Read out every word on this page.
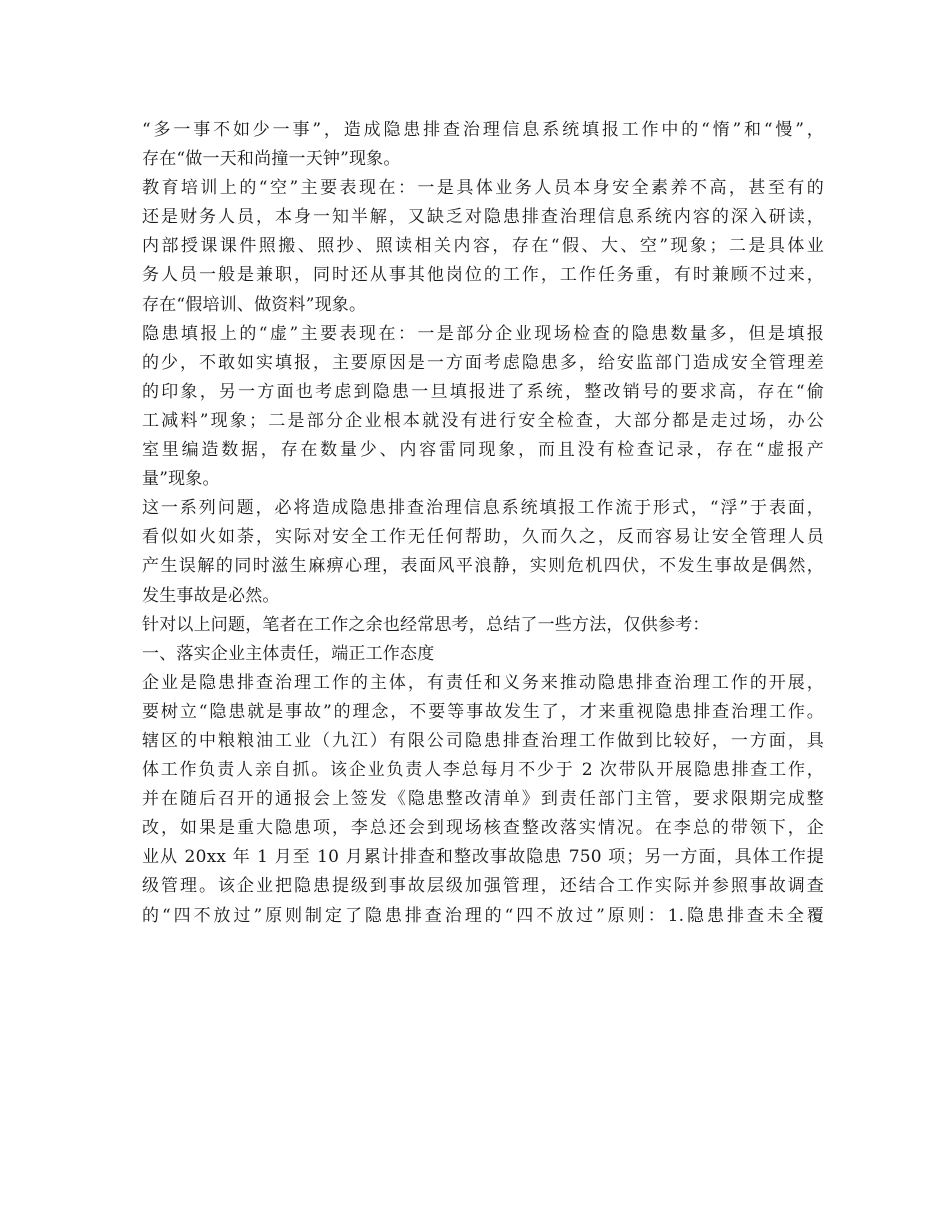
“多一事不如少一事”，造成隐患排查治理信息系统填报工作中的“惰”和“慢”，
存在“做一天和尚撞一天钟”现象。
教育培训上的“空”主要表现在：一是具体业务人员本身安全素养不高，甚至有的
还是财务人员，本身一知半解，又缺乏对隐患排查治理信息系统内容的深入研读，
内部授课课件照搬、照抄、照读相关内容，存在“假、大、空”现象；二是具体业
务人员一般是兼职，同时还从事其他岗位的工作，工作任务重，有时兼顾不过来，
存在“假培训、做资料”现象。
隐患填报上的“虚”主要表现在：一是部分企业现场检查的隐患数量多，但是填报
的少，不敢如实填报，主要原因是一方面考虑隐患多，给安监部门造成安全管理差
的印象，另一方面也考虑到隐患一旦填报进了系统，整改销号的要求高，存在“偷
工减料”现象；二是部分企业根本就没有进行安全检查，大部分都是走过场，办公
室里编造数据，存在数量少、内容雷同现象，而且没有检查记录，存在“虚报产
量”现象。
这一系列问题，必将造成隐患排查治理信息系统填报工作流于形式，“浮”于表面，
看似如火如荼，实际对安全工作无任何帮助，久而久之，反而容易让安全管理人员
产生误解的同时滋生麻痹心理，表面风平浪静，实则危机四伏，不发生事故是偶然，
发生事故是必然。
针对以上问题，笔者在工作之余也经常思考，总结了一些方法，仅供参考：
一、落实企业主体责任，端正工作态度
企业是隐患排查治理工作的主体，有责任和义务来推动隐患排查治理工作的开展，
要树立“隐患就是事故”的理念，不要等事故发生了，才来重视隐患排查治理工作。
辖区的中粮粮油工业（九江）有限公司隐患排查治理工作做到比较好，一方面，具
体工作负责人亲自抓。该企业负责人李总每月不少于 2 次带队开展隐患排查工作，
并在随后召开的通报会上签发《隐患整改清单》到责任部门主管，要求限期完成整
改，如果是重大隐患项，李总还会到现场核查整改落实情况。在李总的带领下，企
业从 20xx 年 1 月至 10 月累计排查和整改事故隐患 750 项；另一方面，具体工作提
级管理。该企业把隐患提级到事故层级加强管理，还结合工作实际并参照事故调查
的“四不放过”原则制定了隐患排查治理的“四不放过”原则：1.隐患排查未全覆
